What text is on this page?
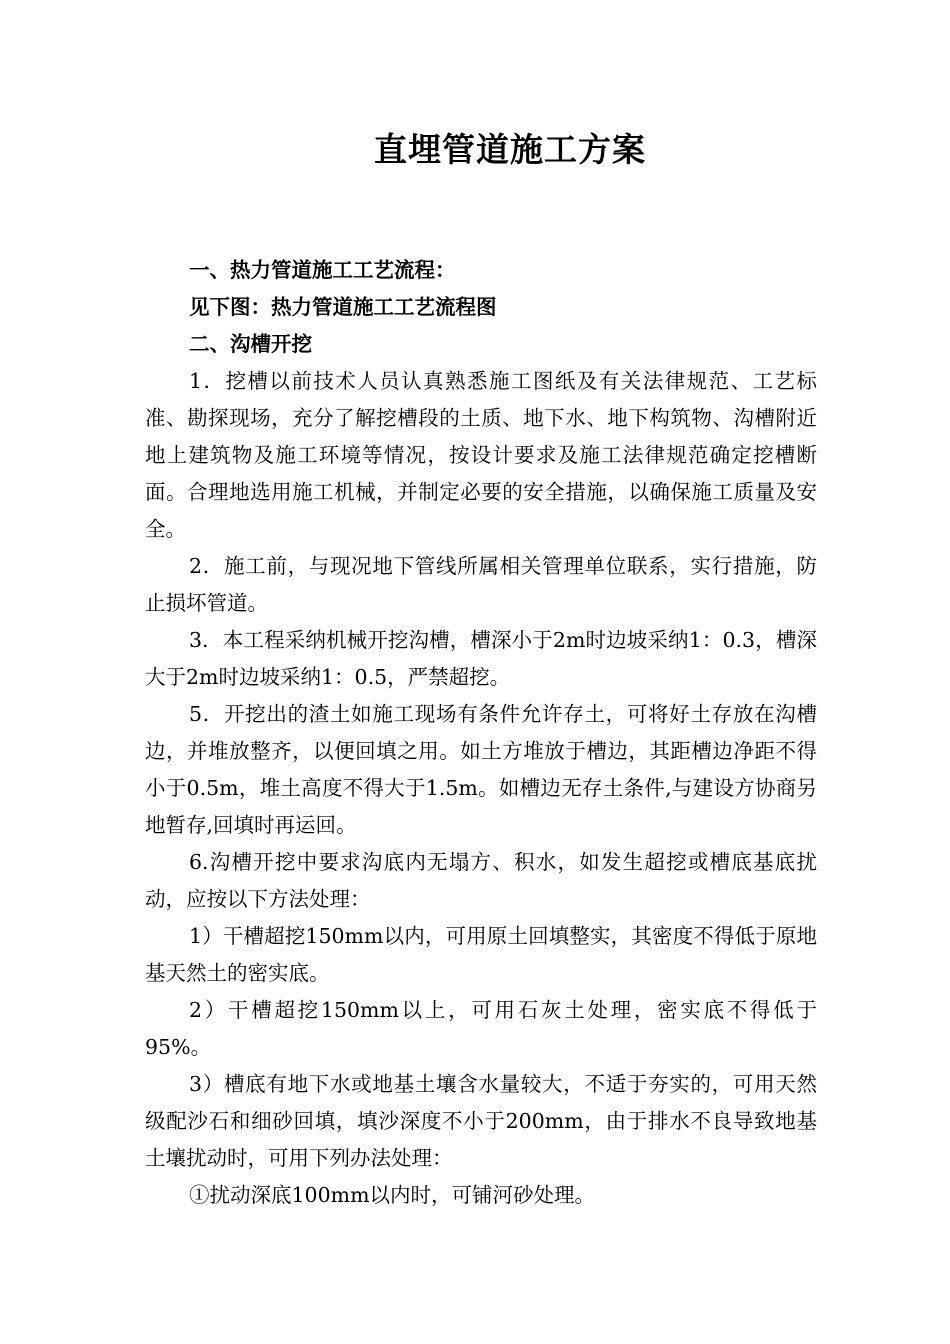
直埋管道施工方案

一、热力管道施工工艺流程：

见下图：热力管道施工工艺流程图

二、沟槽开挖

1．挖槽以前技术人员认真熟悉施工图纸及有关法律规范、工艺标准、勘探现场，充分了解挖槽段的土质、地下水、地下构筑物、沟槽附近地上建筑物及施工环境等情况，按设计要求及施工法律规范确定挖槽断面。合理地选用施工机械，并制定必要的安全措施，以确保施工质量及安全。

2．施工前，与现况地下管线所属相关管理单位联系，实行措施，防止损坏管道。

3．本工程采纳机械开挖沟槽，槽深小于2m时边坡采纳1：0.3，槽深大于2m时边坡采纳1：0.5，严禁超挖。

5．开挖出的渣土如施工现场有条件允许存土，可将好土存放在沟槽边，并堆放整齐，以便回填之用。如土方堆放于槽边，其距槽边净距不得小于0.5m，堆土高度不得大于1.5m。如槽边无存土条件,与建设方协商另地暂存,回填时再运回。

6.沟槽开挖中要求沟底内无塌方、积水，如发生超挖或槽底基底扰动，应按以下方法处理：

1）干槽超挖150mm以内，可用原土回填整实，其密度不得低于原地基天然土的密实底。

2）干槽超挖150mm以上，可用石灰土处理，密实底不得低于95%。

3）槽底有地下水或地基土壤含水量较大，不适于夯实的，可用天然级配沙石和细砂回填，填沙深度不小于200mm，由于排水不良导致地基土壤扰动时，可用下列办法处理：

①扰动深底100mm以内时，可铺河砂处理。
